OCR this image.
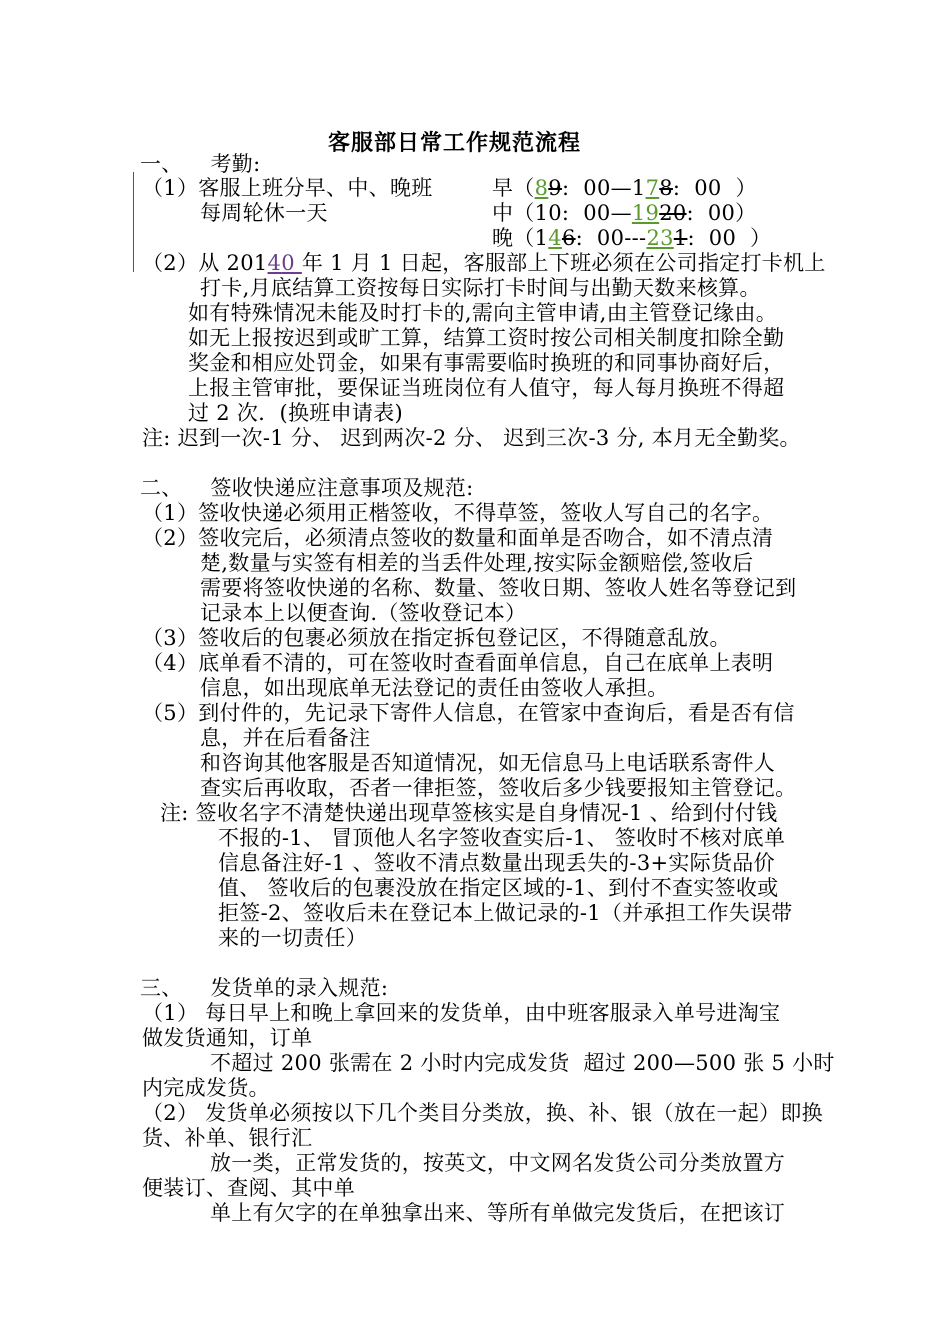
客服部日常工作规范流程
一、    考勤:
（1）客服上班分早、中、晚班
每周轮休一天
早（89:  00—178:  00  ）
中（10:  00—1920:  00）
晚（146:  00---231:  00  ）
（2）从 20140 年 1 月 1 日起，客服部上下班必须在公司指定打卡机上
打卡,月底结算工资按每日实际打卡时间与出勤天数来核算。
如有特殊情况未能及时打卡的,需向主管申请,由主管登记缘由。
如无上报按迟到或旷工算，结算工资时按公司相关制度扣除全勤
奖金和相应处罚金，如果有事需要临时换班的和同事协商好后，
上报主管审批，要保证当班岗位有人值守，每人每月换班不得超
过 2 次．(换班申请表)
注: 迟到一次-1 分、 迟到两次-2 分、 迟到三次-3 分, 本月无全勤奖。
二、    签收快递应注意事项及规范:
（1）签收快递必须用正楷签收，不得草签，签收人写自己的名字。
（2）签收完后，必须清点签收的数量和面单是否吻合，如不清点清
楚,数量与实签有相差的当丢件处理,按实际金额赔偿,签收后
需要将签收快递的名称、数量、签收日期、签收人姓名等登记到
记录本上以便查询.（签收登记本）
（3）签收后的包裹必须放在指定拆包登记区，不得随意乱放。
（4）底单看不清的，可在签收时查看面单信息，自己在底单上表明
信息，如出现底单无法登记的责任由签收人承担。
（5）到付件的，先记录下寄件人信息，在管家中查询后，看是否有信
息，并在后看备注
和咨询其他客服是否知道情况，如无信息马上电话联系寄件人
查实后再收取，否者一律拒签，签收后多少钱要报知主管登记。
注: 签收名字不清楚快递出现草签核实是自身情况-1 、给到付付钱
不报的-1、 冒顶他人名字签收查实后-1、 签收时不核对底单
信息备注好-1 、签收不清点数量出现丢失的-3+实际货品价
值、 签收后的包裹没放在指定区域的-1、到付不查实签收或
拒签-2、签收后未在登记本上做记录的-1（并承担工作失误带
来的一切责任）
三、    发货单的录入规范:
（1） 每日早上和晚上拿回来的发货单，由中班客服录入单号进淘宝
做发货通知，订单
不超过 200 张需在 2 小时内完成发货  超过 200—500 张 5 小时
内完成发货。
（2） 发货单必须按以下几个类目分类放，换、补、银（放在一起）即换
货、补单、银行汇
放一类，正常发货的，按英文，中文网名发货公司分类放置方
便装订、查阅、其中单
单上有欠字的在单独拿出来、等所有单做完发货后，在把该订
